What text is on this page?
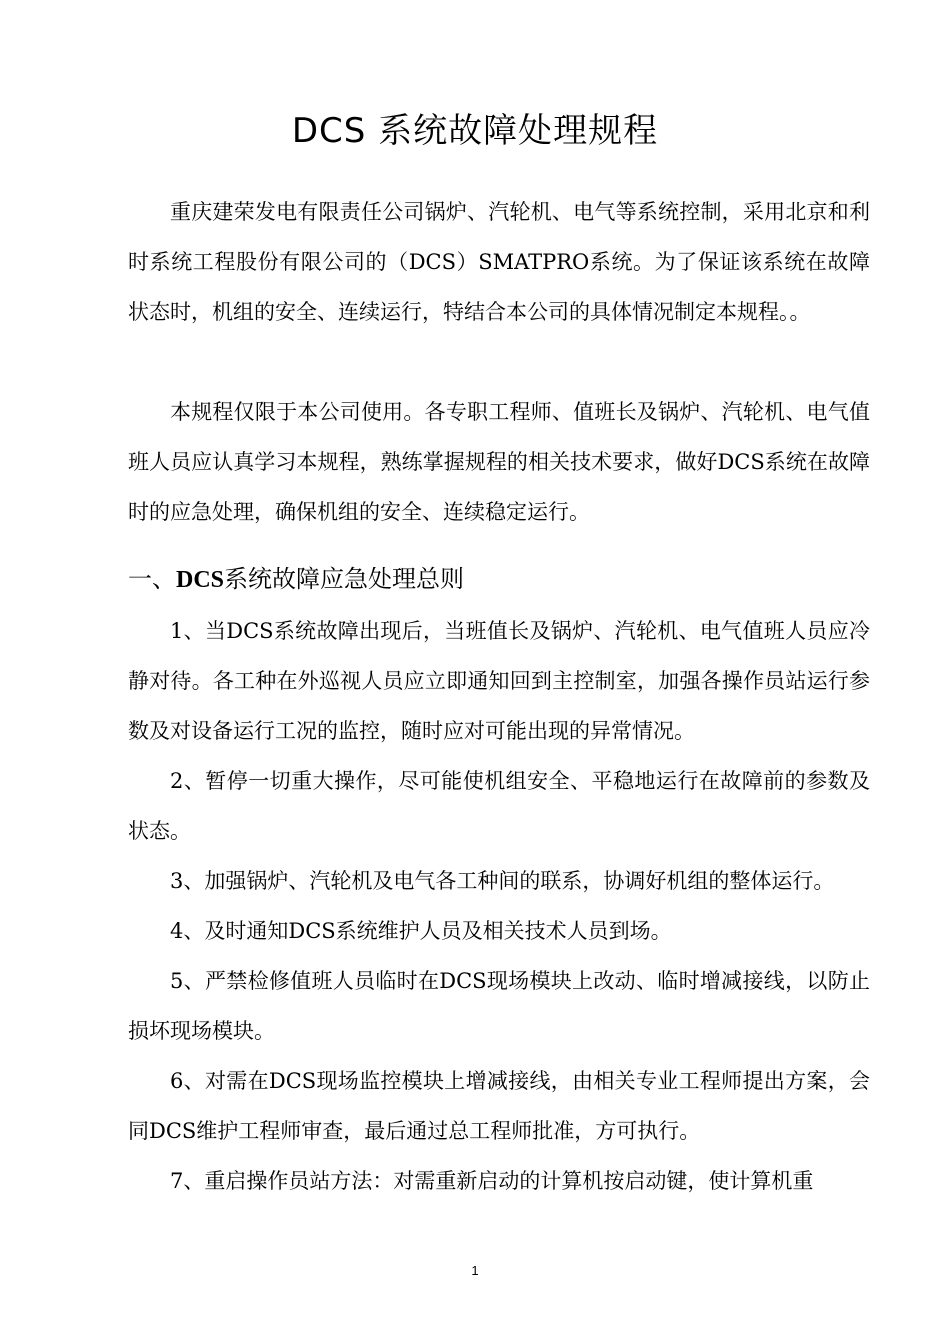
DCS 系统故障处理规程
重庆建荣发电有限责任公司锅炉、汽轮机、电气等系统控制，采用北京和利时系统工程股份有限公司的（DCS）SMATPRO系统。为了保证该系统在故障状态时，机组的安全、连续运行，特结合本公司的具体情况制定本规程。。
本规程仅限于本公司使用。各专职工程师、值班长及锅炉、汽轮机、电气值班人员应认真学习本规程，熟练掌握规程的相关技术要求，做好DCS系统在故障时的应急处理，确保机组的安全、连续稳定运行。
一、DCS系统故障应急处理总则
1、当DCS系统故障出现后，当班值长及锅炉、汽轮机、电气值班人员应冷静对待。各工种在外巡视人员应立即通知回到主控制室，加强各操作员站运行参数及对设备运行工况的监控，随时应对可能出现的异常情况。
2、暂停一切重大操作，尽可能使机组安全、平稳地运行在故障前的参数及状态。
3、加强锅炉、汽轮机及电气各工种间的联系，协调好机组的整体运行。
4、及时通知DCS系统维护人员及相关技术人员到场。
5、严禁检修值班人员临时在DCS现场模块上改动、临时增减接线，以防止损坏现场模块。
6、对需在DCS现场监控模块上增减接线，由相关专业工程师提出方案，会同DCS维护工程师审查，最后通过总工程师批准，方可执行。
7、重启操作员站方法：对需重新启动的计算机按启动键，使计算机重
1
